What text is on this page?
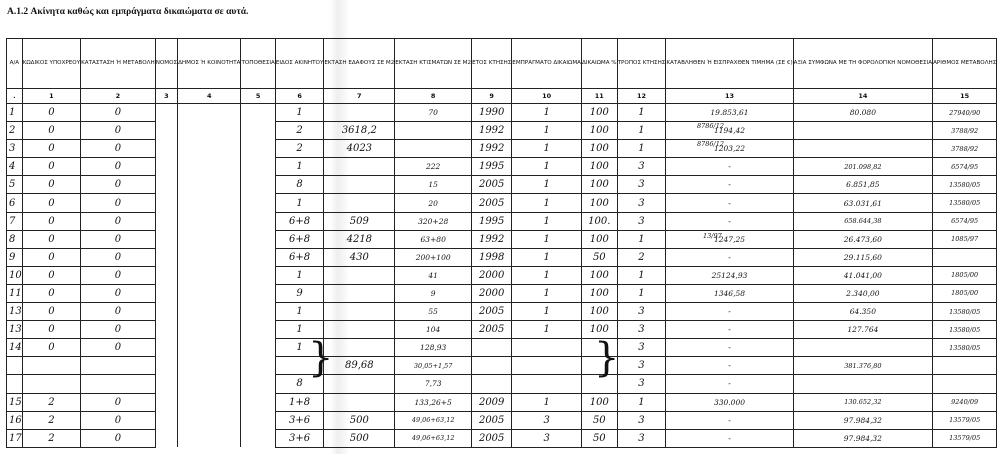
A.1.2 Ακίνητα καθώς και εμπράγματα δικαιώματα σε αυτά.
Α/Α	ΚΩΔΙΚΟΣ ΥΠΟΧΡΕΟΥ	ΚΑΤΑΣΤΑΣΗ Ή ΜΕΤΑΒΟΛΗ	ΝΟΜΟΣ	ΔΗΜΟΣ Ή ΚΟΙΝΟΤΗΤΑ	ΤΟΠΟΘΕΣΙΑ	ΕΙΔΟΣ ΑΚΙΝΗΤΟΥ	ΕΚΤΑΣΗ ΕΔΑΦΟΥΣ ΣΕ Μ2	ΕΚΤΑΣΗ ΚΤΙΣΜΑΤΩΝ ΣΕ Μ2	ΕΤΟΣ ΚΤΗΣΗΣ	ΕΜΠΡΑΓΜΑΤΟ ΔΙΚΑΙΩΜΑ	ΔΙΚΑΙΩΜΑ %	ΤΡΟΠΟΣ ΚΤΗΣΗΣ	ΚΑΤΑΒΛΗΘΕΝ Ή ΕΙΣΠΡΑΧΘΕΝ ΤΙΜΗΜΑ (ΣΕ €)	ΑΞΙΑ ΣΥΜΦΩΝΑ ΜΕ ΤΗ ΦΟΡΟΛΟΓΙΚΗ ΝΟΜΟΘΕΣΙΑ	ΑΡΙΘΜΟΣ ΜΕΤΑΒΟΛΗΣ
.	1	2	3	4	5	6	7	8	9	10	11	12	13	14	15
1	0	0				1		70	1990	1	100	1	19.853,61	80.080	27940/90
2	0	0				2	3618,2		1992	1	100	1	1194,42		3788/92
3	0	0				2	4023		1992	1	100	1	1203,22		3788/92
4	0	0				1		222	1995	1	100	3	-	201.098,82	6574/95
5	0	0				8		15	2005	1	100	3	-	6.851,85	13580/05
6	0	0				1		20	2005	1	100	3	-	63.031,61	13580/05
7	0	0				6+8	509	320+28	1995	1	100.	3	-	658.644,38	6574/95
8	0	0				6+8	4218	63+80	1992	1	100	1	1247,25	26.473,60	1085/97
9	0	0				6+8	430	200+100	1998	1	50	2	-	29.115,60	
10	0	0				1		41	2000	1	100	1	25124,93	41.041,00	1805/00
11	0	0				9		9	2000	1	100	1	1346,58	2.340,00	1805/00
13	0	0				1		55	2005	1	100	3	-	64.350	13580/05
13	0	0				1		104	2005	1	100	3	-	127.764	13580/05
14	0	0				1		128,93				3	-		13580/05
							89,68	30,05+1,57				3	-	381.376,80	
						8		7,73				3	-		
15	2	0				1+8		133,26+5	2009	1	100	1	330.000	130.652,32	9240/09
16	2	0				3+6	500	49,06+63,12	2005	3	50	3	-	97.984,32	13579/05
17	2	0				3+6	500	49,06+63,12	2005	3	50	3	-	97.984,32	13579/05
8786/12
8786/12
13/97
}	}
